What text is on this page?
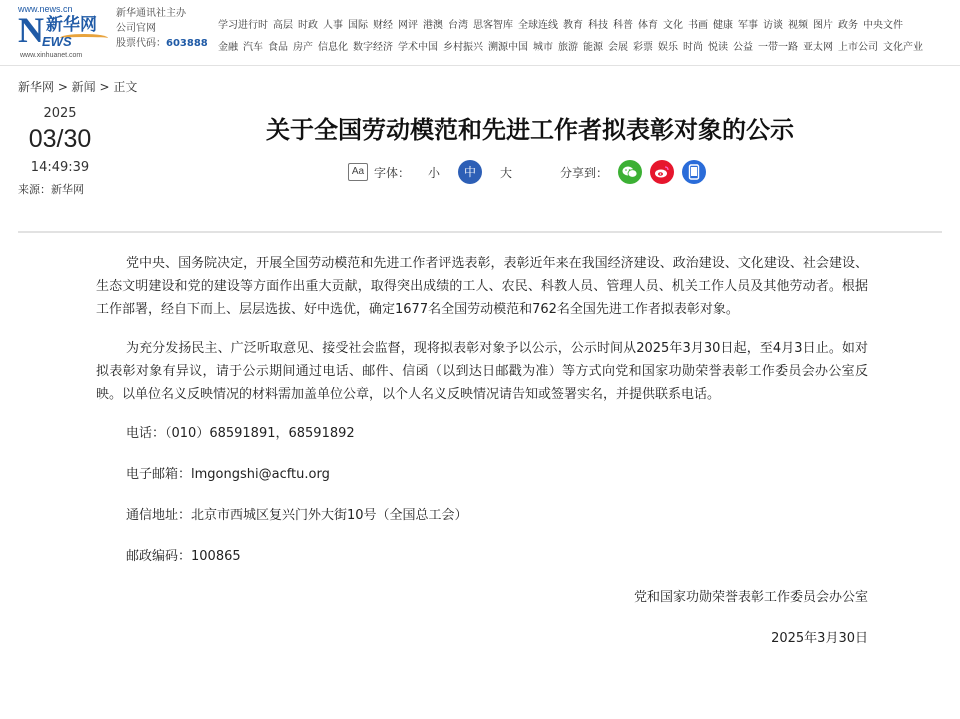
www.news.cn
N 新华网
EWS
www.xinhuanet.com
新华通讯社主办
公司官网
股票代码：603888
学习进行时 高层 时政 人事 国际 财经 网评 港澳 台湾 思客智库 全球连线 教育 科技 科普 体育 文化 书画 健康 军事 访谈 视频 图片 政务 中央文件
金融 汽车 食品 房产 信息化 数字经济 学术中国 乡村振兴 溯源中国 城市 旅游 能源 会展 彩票 娱乐 时尚 悦读 公益 一带一路 亚太网 上市公司 文化产业
新华网 > 新闻 > 正文
2025
03/30
14:49:39
来源：新华网
关于全国劳动模范和先进工作者拟表彰对象的公示
Aa 字体： 小	中	大	分享到：

党中央、国务院决定，开展全国劳动模范和先进工作者评选表彰，表彰近年来在我国经济建设、政治建设、文化建设、社会建设、生态文明建设和党的建设等方面作出重大贡献，取得突出成绩的工人、农民、科教人员、管理人员、机关工作人员及其他劳动者。根据工作部署，经自下而上、层层选拔、好中选优，确定1677名全国劳动模范和762名全国先进工作者拟表彰对象。

为充分发扬民主、广泛听取意见、接受社会监督，现将拟表彰对象予以公示，公示时间从2025年3月30日起，至4月3日止。如对拟表彰对象有异议，请于公示期间通过电话、邮件、信函（以到达日邮戳为准）等方式向党和国家功勋荣誉表彰工作委员会办公室反映。以单位名义反映情况的材料需加盖单位公章，以个人名义反映情况请告知或签署实名，并提供联系电话。

电话：（010）68591891，68591892

电子邮箱：lmgongshi@acftu.org

通信地址：北京市西城区复兴门外大街10号（全国总工会）

邮政编码：100865

党和国家功勋荣誉表彰工作委员会办公室

2025年3月30日
